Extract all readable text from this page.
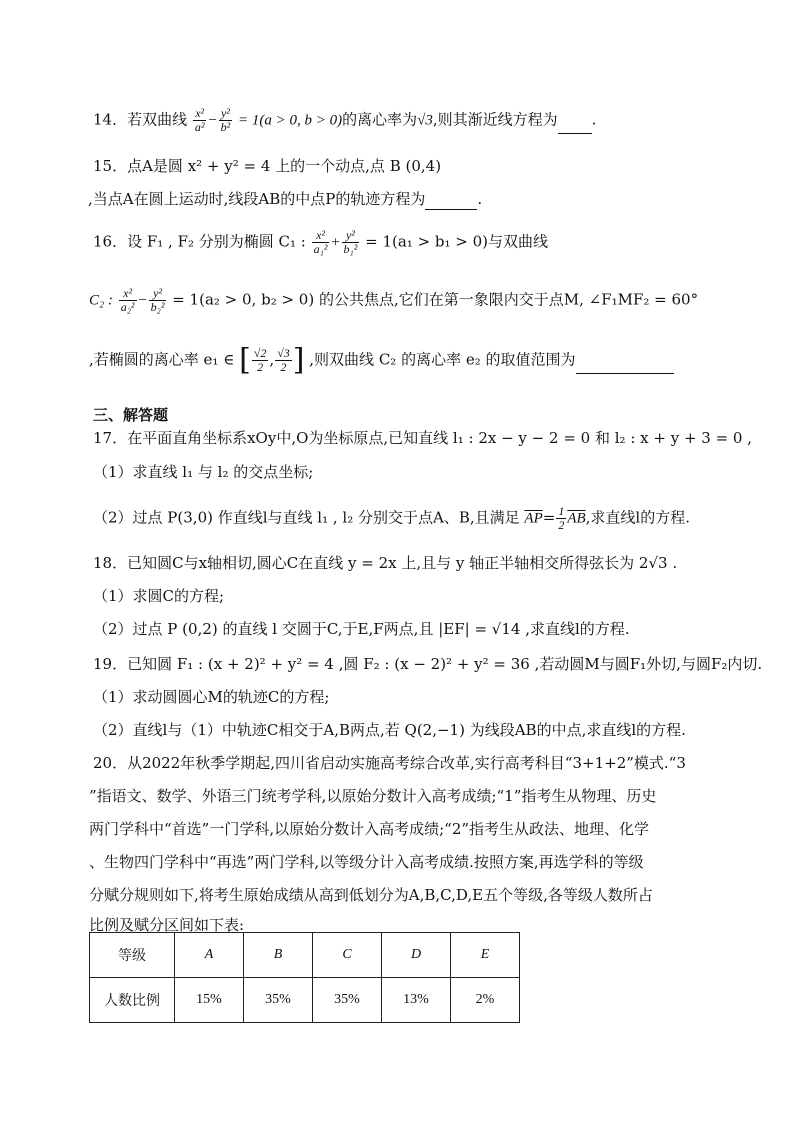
14．若双曲线 $\frac{\text{x²}}{\text{a²}} - \frac{\text{y²}}{\text{b²}} = 1(a > 0$, b > 0)的离心率为√3,则其渐近线方程为 .
15．点A是圆 x² + y² = 4 上的一个动点,点 B (0,4)
,当点A在圆上运动时,线段AB的中点P的轨迹方程为	.
16．设 F₁ , F₂ 分别为椭圆 C₁ : $\frac{\text{x²}}{\text{a₁²}} + \frac{\text{y²}}{\text{b₁²}} = 1(a_1 > b_1 > 0)$与双曲线
C₂ : $\frac{\text{x²}}{\text{a₂²}} - \frac{\text{y²}}{\text{b₂²}} = 1(a_2 > 0$, b₂ > 0) 的公共焦点,它们在第一象限内交于点M, ∠F₁MF₂ = 60°
,若椭圆的离心率 e₁ ∈ [ $\frac{√2}{2}$ , $\frac{√3}{2}$ ] ,则双曲线 C₂ 的离心率 e₂ 的取值范围为
三、解答题
17．在平面直角坐标系xOy中,O为坐标原点,已知直线 l₁ : 2x − y − 2 = 0 和 l₂ : x + y + 3 = 0 ,
（1）求直线 l₁ 与 l₂ 的交点坐标;
（2）过点 P(3,0) 作直线l与直线 l₁ , l₂ 分别交于点A、B,且满足 $\overline{AP}= \frac{1}{2} \overline{AB}$,求直线l的方程.
18．已知圆C与x轴相切,圆心C在直线 y = 2x 上,且与 y 轴正半轴相交所得弦长为 2√3 .
（1）求圆C的方程;
（2）过点 P (0,2) 的直线 l 交圆于C,于E,F两点,且 |EF| = √14 ,求直线l的方程.
19．已知圆 F₁ : (x + 2)² + y² = 4 ,圆 F₂ : (x − 2)² + y² = 36 ,若动圆M与圆F₁外切,与圆F₂内切.
（1）求动圆圆心M的轨迹C的方程;
（2）直线l与（1）中轨迹C相交于A,B两点,若 Q(2,−1) 为线段AB的中点,求直线l的方程.
20．从2022年秋季学期起,四川省启动实施高考综合改革,实行高考科目“3+1+2”模式.“3
”指语文、数学、外语三门统考学科,以原始分数计入高考成绩;“1”指考生从物理、历史
两门学科中“首选”一门学科,以原始分数计入高考成绩;“2”指考生从政法、地理、化学
、生物四门学科中“再选”两门学科,以等级分计入高考成绩.按照方案,再选学科的等级
分赋分规则如下,将考生原始成绩从高到低划分为A,B,C,D,E五个等级,各等级人数所占
比例及赋分区间如下表:
等级	A	B	C	D	E
人数比例	15%	35%	35%	13%	2%
